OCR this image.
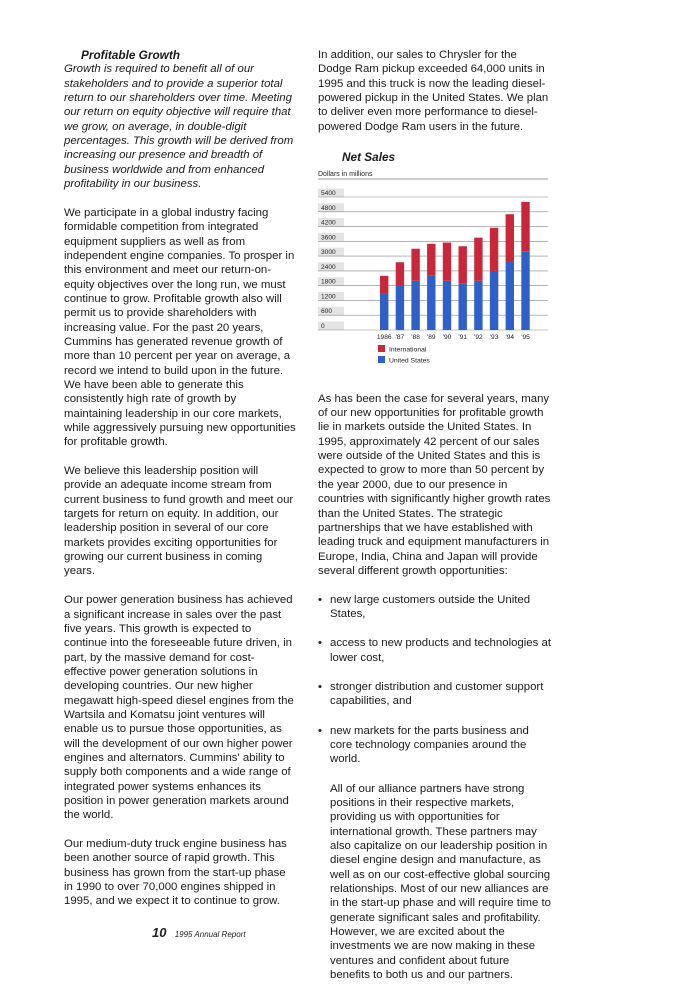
Profitable Growth

Growth is required to benefit all of our stakeholders and to provide a superior total return to our shareholders over time. Meeting our return on equity objective will require that we grow, on average, in double-digit percentages. This growth will be derived from increasing our presence and breadth of business worldwide and from enhanced profitability in our business.

We participate in a global industry facing formidable competition from integrated equipment suppliers as well as from independent engine companies. To prosper in this environment and meet our return-on-equity objectives over the long run, we must continue to grow. Profitable growth also will permit us to provide shareholders with increasing value. For the past 20 years, Cummins has generated revenue growth of more than 10 percent per year on average, a record we intend to build upon in the future. We have been able to generate this consistently high rate of growth by maintaining leadership in our core markets, while aggressively pursuing new opportunities for profitable growth.

We believe this leadership position will provide an adequate income stream from current business to fund growth and meet our targets for return on equity. In addition, our leadership position in several of our core markets provides exciting opportunities for growing our current business in coming years.

Our power generation business has achieved a significant increase in sales over the past five years. This growth is expected to continue into the foreseeable future driven, in part, by the massive demand for cost-effective power generation solutions in developing countries. Our new higher megawatt high-speed diesel engines from the Wartsila and Komatsu joint ventures will enable us to pursue those opportunities, as will the development of our own higher power engines and alternators. Cummins' ability to supply both components and a wide range of integrated power systems enhances its position in power generation markets around the world.

Our medium-duty truck engine business has been another source of rapid growth. This business has grown from the start-up phase in 1990 to over 70,000 engines shipped in 1995, and we expect it to continue to grow.

In addition, our sales to Chrysler for the Dodge Ram pickup exceeded 64,000 units in 1995 and this truck is now the leading diesel-powered pickup in the United States. We plan to deliver even more performance to diesel-powered Dodge Ram users in the future.

Net Sales
Dollars in millions
0
600
1200
1800
2400
3000
3600
4200
4800
5400
1986 '87 '88 '89 '90 '91 '92 '93 '94 '95
International
United States

As has been the case for several years, many of our new opportunities for profitable growth lie in markets outside the United States. In 1995, approximately 42 percent of our sales were outside of the United States and this is expected to grow to more than 50 percent by the year 2000, due to our presence in countries with significantly higher growth rates than the United States. The strategic partnerships that we have established with leading truck and equipment manufacturers in Europe, India, China and Japan will provide several different growth opportunities:

• new large customers outside the United States,
• access to new products and technologies at lower cost,
• stronger distribution and customer support capabilities, and
• new markets for the parts business and core technology companies around the world.

All of our alliance partners have strong positions in their respective markets, providing us with opportunities for international growth. These partners may also capitalize on our leadership position in diesel engine design and manufacture, as well as on our cost-effective global sourcing relationships. Most of our new alliances are in the start-up phase and will require time to generate significant sales and profitability. However, we are excited about the investments we are now making in these ventures and confident about future benefits to both us and our partners.

10 1995 Annual Report
